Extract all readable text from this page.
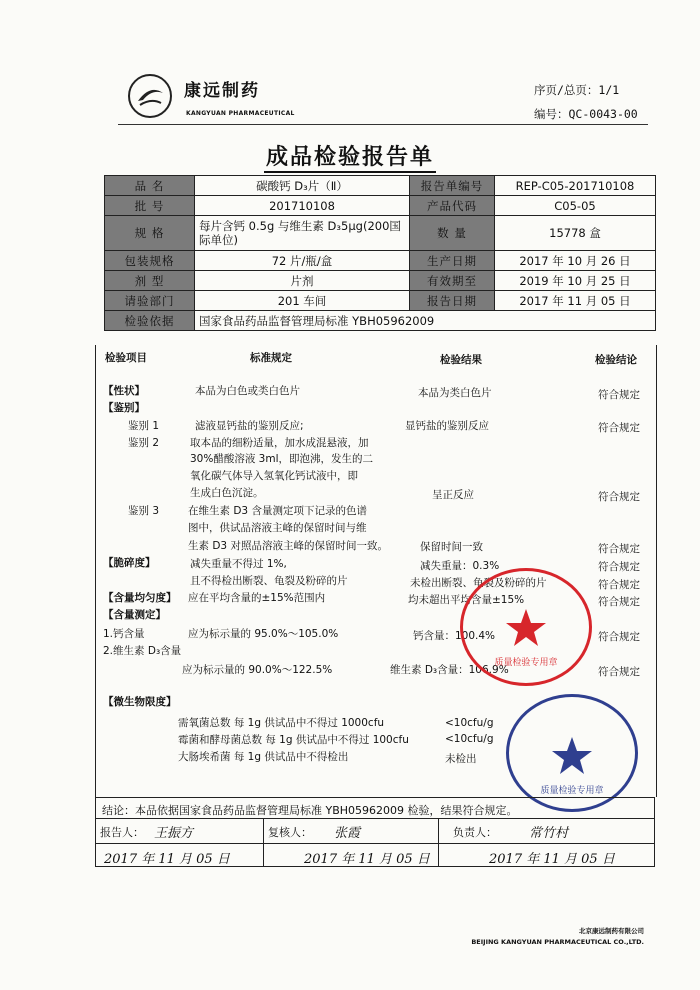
康远制药
KANGYUAN PHARMACEUTICAL
序页/总页：1/1
编号：QC-0043-00
成品检验报告单
品 名	碳酸钙 D₃片（Ⅱ）	报告单编号	REP-C05-201710108
批 号	201710108	产品代码	C05-05
规 格	每片含钙 0.5g 与维生素 D₃5μg(200国际单位)	数 量	15778 盒
包装规格	72 片/瓶/盒	生产日期	2017 年 10 月 26 日
剂 型	片剂	有效期至	2019 年 10 月 25 日
请验部门	201 车间	报告日期	2017 年 11 月 05 日
检验依据	国家食品药品监督管理局标准 YBH05962009		
检验项目	标准规定	检验结果	检验结论
【性状】	本品为白色或类白色片	本品为类白色片	符合规定
【鉴别】
鉴别 1	滤液显钙盐的鉴别反应;	显钙盐的鉴别反应	符合规定
鉴别 2	取本品的细粉适量，加水成混悬液，加
30%醋酸溶液 3ml，即泡沸，发生的二
氧化碳气体导入氢氧化钙试液中，即
生成白色沉淀。	呈正反应	符合规定
鉴别 3	在维生素 D3 含量测定项下记录的色谱
图中，供试品溶液主峰的保留时间与维
生素 D3 对照品溶液主峰的保留时间一致。	保留时间一致	符合规定
【脆碎度】	减失重量不得过 1%,	减失重量：0.3%	符合规定
且不得检出断裂、龟裂及粉碎的片	未检出断裂、龟裂及粉碎的片	符合规定
【含量均匀度】 应在平均含量的±15%范围内	均未超出平均含量±15%	符合规定
【含量测定】
1.钙含量	应为标示量的 95.0%～105.0%	钙含量：100.4%	符合规定
2.维生素 D₃含量
应为标示量的 90.0%～122.5%	维生素 D₃含量：106.9%	符合规定
【微生物限度】
需氧菌总数 每 1g 供试品中不得过 1000cfu	<10cfu/g
霉菌和酵母菌总数 每 1g 供试品中不得过 100cfu	<10cfu/g
大肠埃希菌 每 1g 供试品中不得检出	未检出
质量检验专用章
质量检验专用章
结论：本品依据国家食品药品监督管理局标准 YBH05962009 检验，结果符合规定。
报告人： 王振方
2017 年 11 月 05 日
复核人： 张霞
2017 年 11 月 05 日
负责人： 常竹村
2017 年 11 月 05 日
北京康远制药有限公司
BEIJING KANGYUAN PHARMACEUTICAL CO.,LTD.
